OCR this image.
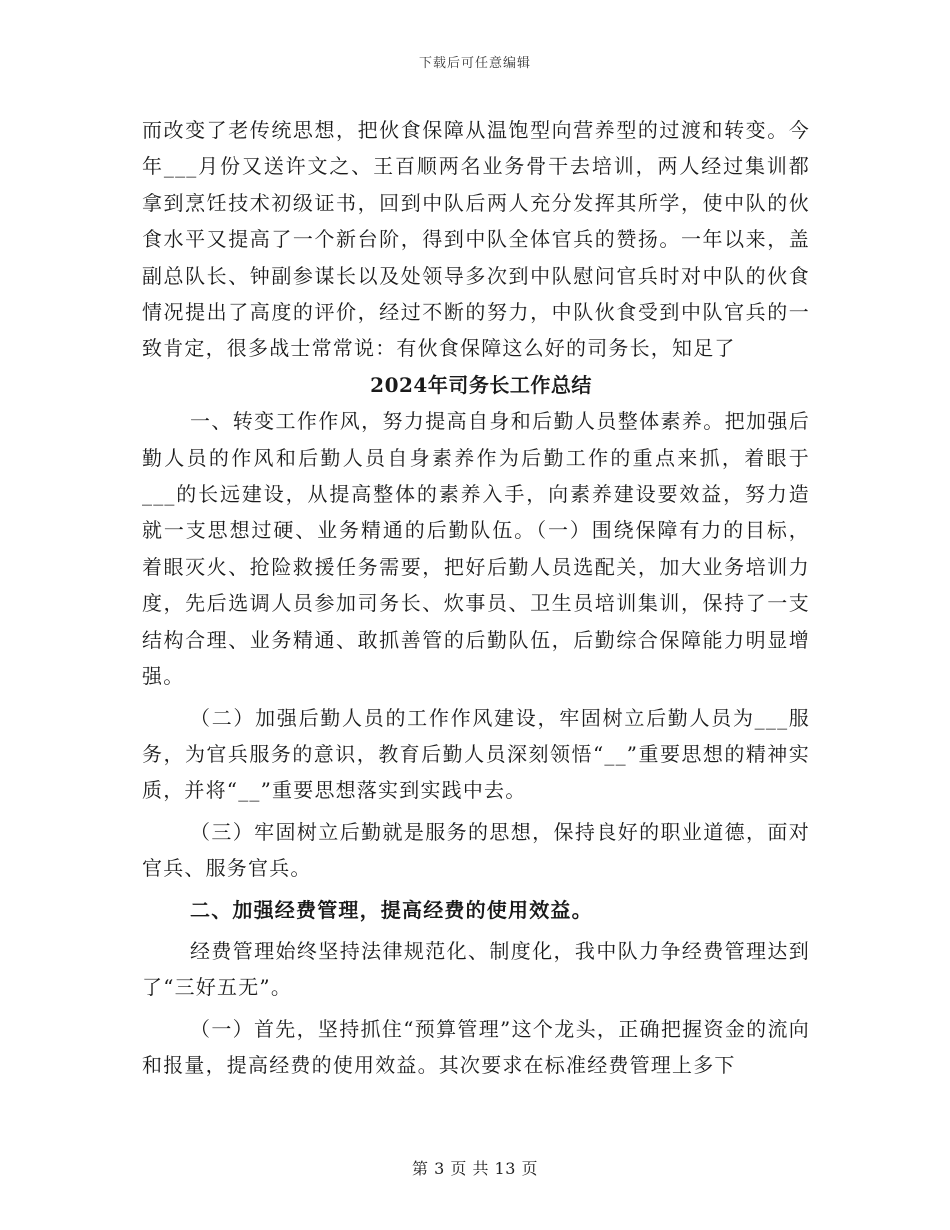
下载后可任意编辑

而改变了老传统思想，把伙食保障从温饱型向营养型的过渡和转变。今年___月份又送许文之、王百顺两名业务骨干去培训，两人经过集训都拿到烹饪技术初级证书，回到中队后两人充分发挥其所学，使中队的伙食水平又提高了一个新台阶，得到中队全体官兵的赞扬。一年以来，盖副总队长、钟副参谋长以及处领导多次到中队慰问官兵时对中队的伙食情况提出了高度的评价，经过不断的努力，中队伙食受到中队官兵的一致肯定，很多战士常常说：有伙食保障这么好的司务长，知足了

2024年司务长工作总结

一、转变工作作风，努力提高自身和后勤人员整体素养。把加强后勤人员的作风和后勤人员自身素养作为后勤工作的重点来抓，着眼于___的长远建设，从提高整体的素养入手，向素养建设要效益，努力造就一支思想过硬、业务精通的后勤队伍。（一）围绕保障有力的目标，着眼灭火、抢险救援任务需要，把好后勤人员选配关，加大业务培训力度，先后选调人员参加司务长、炊事员、卫生员培训集训，保持了一支结构合理、业务精通、敢抓善管的后勤队伍，后勤综合保障能力明显增强。

（二）加强后勤人员的工作作风建设，牢固树立后勤人员为___服务，为官兵服务的意识，教育后勤人员深刻领悟“__”重要思想的精神实质，并将“__”重要思想落实到实践中去。

（三）牢固树立后勤就是服务的思想，保持良好的职业道德，面对官兵、服务官兵。

二、加强经费管理，提高经费的使用效益。

经费管理始终坚持法律规范化、制度化，我中队力争经费管理达到了“三好五无”。

（一）首先，坚持抓住“预算管理”这个龙头，正确把握资金的流向和报量，提高经费的使用效益。其次要求在标准经费管理上多下

第 3 页 共 13 页
